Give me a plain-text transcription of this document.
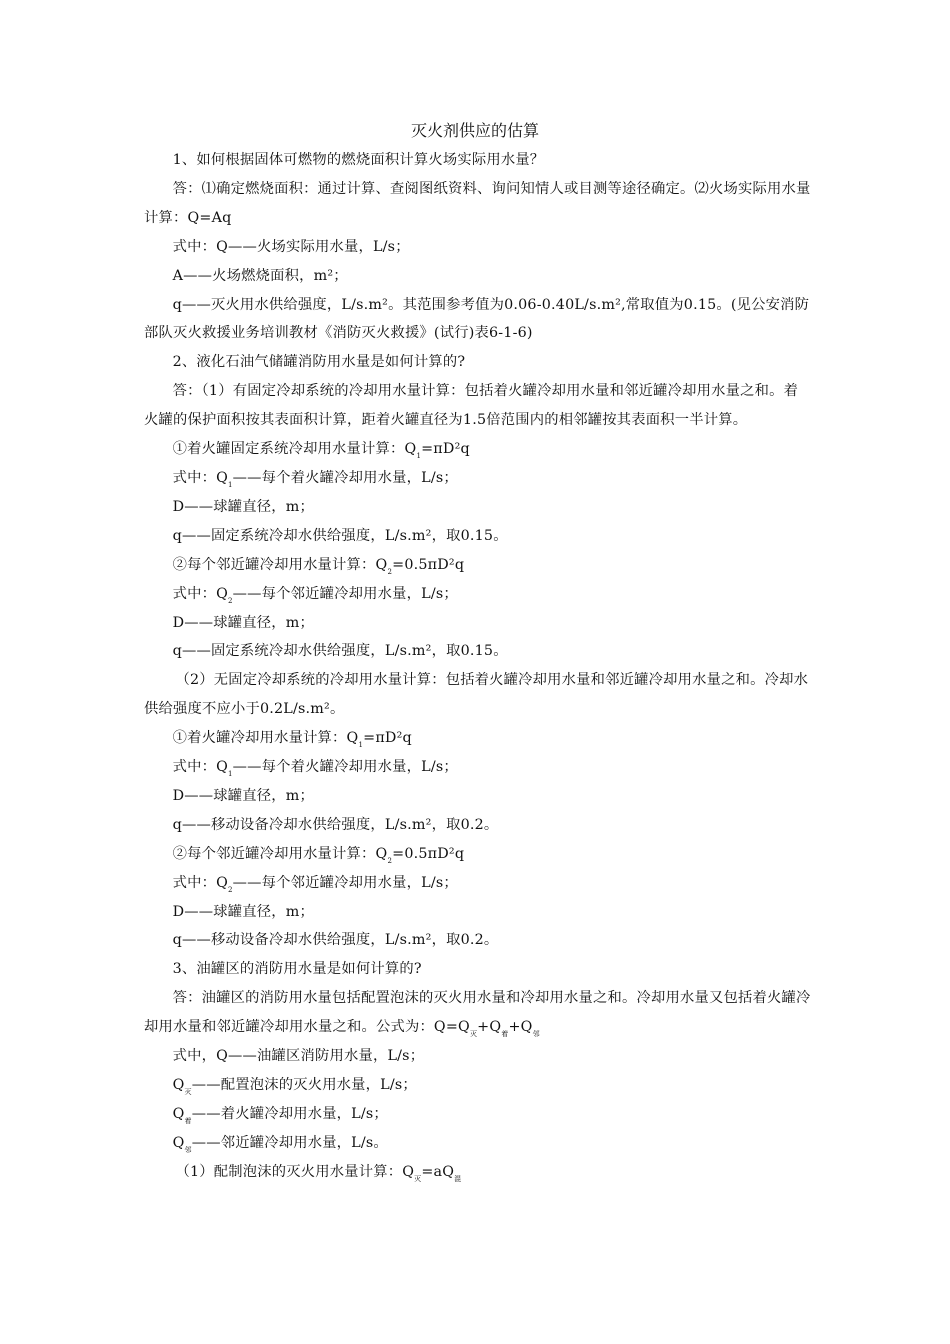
灭火剂供应的估算

1、如何根据固体可燃物的燃烧面积计算火场实际用水量？

答：⑴确定燃烧面积：通过计算、查阅图纸资料、询问知情人或目测等途径确定。⑵火场实际用水量计算：Q=Aq

式中：Q——火场实际用水量，L/s；

A——火场燃烧面积，m²；

q——灭火用水供给强度，L/s.m²。其范围参考值为0.06-0.40L/s.m²,常取值为0.15。(见公安消防部队灭火救援业务培训教材《消防灭火救援》(试行)表6-1-6)

2、液化石油气储罐消防用水量是如何计算的?

答：（1）有固定冷却系统的冷却用水量计算：包括着火罐冷却用水量和邻近罐冷却用水量之和。着火罐的保护面积按其表面积计算，距着火罐直径为1.5倍范围内的相邻罐按其表面积一半计算。

①着火罐固定系统冷却用水量计算：$Q_1=\pi D^2q$

式中：$Q_1——$每个着火罐冷却用水量，L/s；

D——球罐直径，m；

q——固定系统冷却水供给强度，L/s.m²，取0.15。

②每个邻近罐冷却用水量计算：$Q_2=0.5\pi D^2q$

式中：$Q_2——$每个邻近罐冷却用水量，L/s；

D——球罐直径，m；

q——固定系统冷却水供给强度，L/s.m²，取0.15。

（2）无固定冷却系统的冷却用水量计算：包括着火罐冷却用水量和邻近罐冷却用水量之和。冷却水供给强度不应小于0.2L/s.m²。

①着火罐冷却用水量计算：$Q_1=\pi D^2q$

式中：$Q_1——$每个着火罐冷却用水量，L/s；

D——球罐直径，m；

q——移动设备冷却水供给强度，L/s.m²，取0.2。

②每个邻近罐冷却用水量计算：$Q_2=0.5\pi D^2q$

式中：$Q_2——$每个邻近罐冷却用水量，L/s；

D——球罐直径，m；

q——移动设备冷却水供给强度，L/s.m²，取0.2。

3、油罐区的消防用水量是如何计算的?

答：油罐区的消防用水量包括配置泡沫的灭火用水量和冷却用水量之和。冷却用水量又包括着火罐冷却用水量和邻近罐冷却用水量之和。公式为：$Q=Q_灭+Q_着+Q_邻$

式中，Q——油罐区消防用水量，L/s；

$Q_灭——$配置泡沫的灭火用水量，L/s；

$Q_着——$着火罐冷却用水量，L/s；

$Q_邻——$邻近罐冷却用水量，L/s。

（1）配制泡沫的灭火用水量计算：$Q_灭=aQ_混$
